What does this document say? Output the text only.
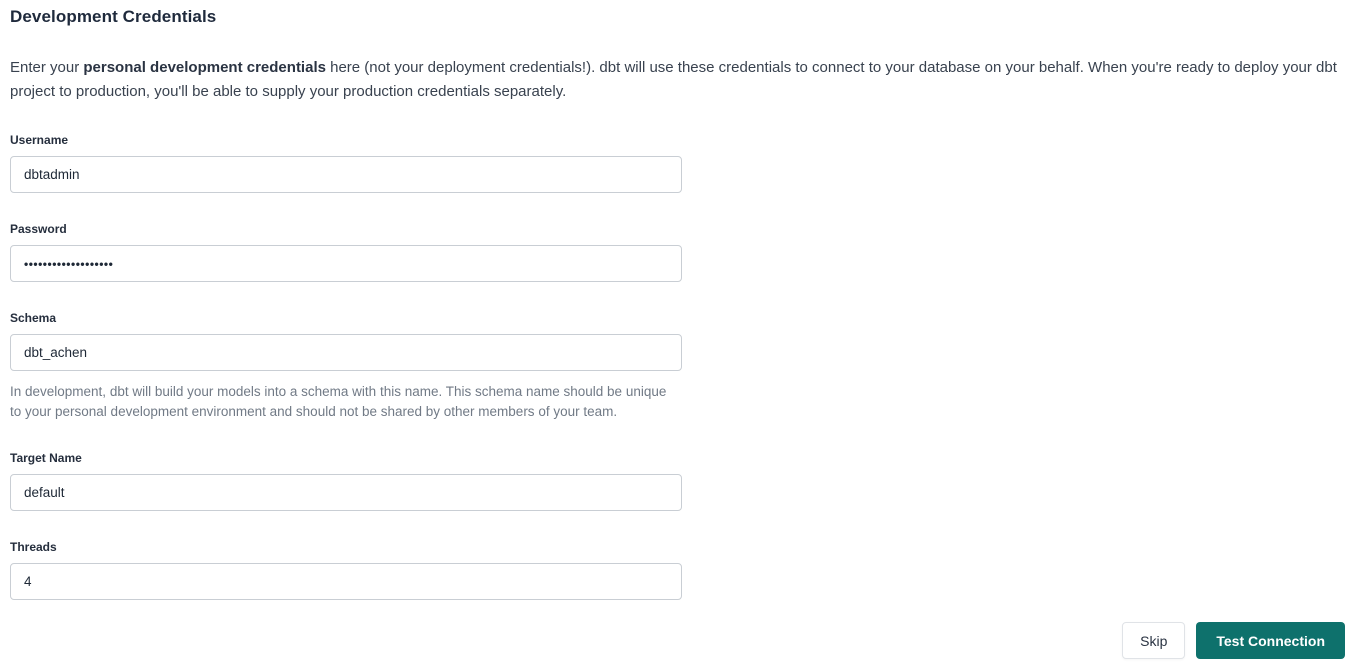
Development Credentials

Enter your personal development credentials here (not your deployment credentials!). dbt will use these credentials to connect to your database on your behalf. When you're ready to deploy your dbt project to production, you'll be able to supply your production credentials separately.

Username
dbtadmin
Password
•••••••••••••••••••
Schema
dbt_achen
In development, dbt will build your models into a schema with this name. This schema name should be unique to your personal development environment and should not be shared by other members of your team.
Target Name
default
Threads
4
Skip	Test Connection
